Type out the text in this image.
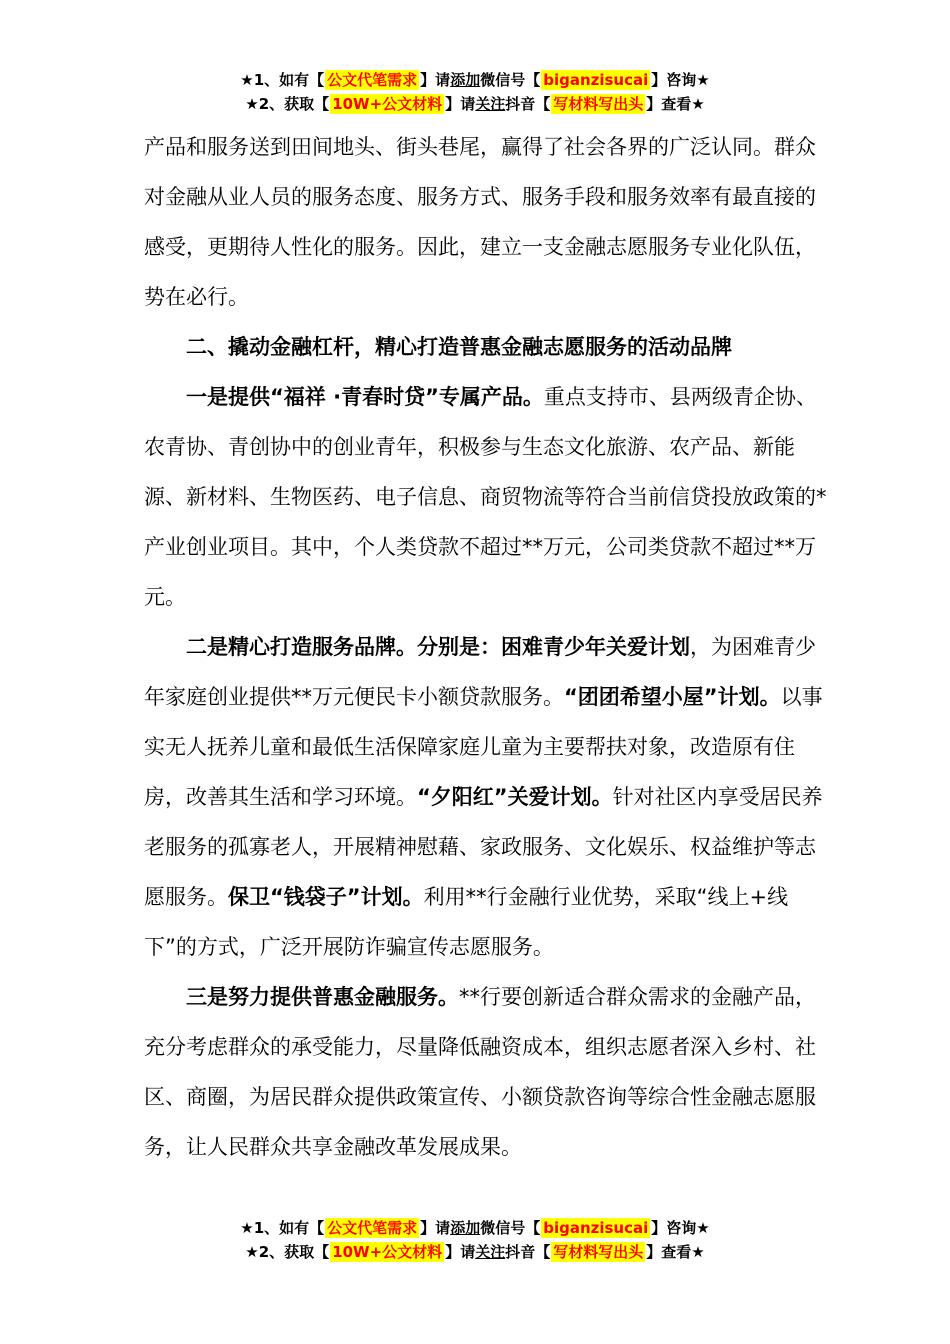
★1、如有【 公文代笔需求 】请添加微信号【 biganzisucai 】咨询★
★2、获取【 10W+公文材料 】请关注抖音【 写材料写出头 】查看★

产品和服务送到田间地头、街头巷尾，赢得了社会各界的广泛认同。群众对金融从业人员的服务态度、服务方式、服务手段和服务效率有最直接的感受，更期待人性化的服务。因此，建立一支金融志愿服务专业化队伍，势在必行。

二、撬动金融杠杆，精心打造普惠金融志愿服务的活动品牌

一是提供“福祥 ·青春时贷”专属产品。重点支持市、县两级青企协、农青协、青创协中的创业青年，积极参与生态文化旅游、农产品、新能源、新材料、生物医药、电子信息、商贸物流等符合当前信贷投放政策的*产业创业项目。其中，个人类贷款不超过**万元，公司类贷款不超过**万元。

二是精心打造服务品牌。分别是：困难青少年关爱计划，为困难青少年家庭创业提供**万元便民卡小额贷款服务。“团团希望小屋”计划。以事实无人抚养儿童和最低生活保障家庭儿童为主要帮扶对象，改造原有住房，改善其生活和学习环境。“夕阳红”关爱计划。针对社区内享受居民养老服务的孤寡老人，开展精神慰藉、家政服务、文化娱乐、权益维护等志愿服务。保卫“钱袋子”计划。利用**行金融行业优势，采取“线上+线下”的方式，广泛开展防诈骗宣传志愿服务。

三是努力提供普惠金融服务。**行要创新适合群众需求的金融产品，充分考虑群众的承受能力，尽量降低融资成本，组织志愿者深入乡村、社区、商圈，为居民群众提供政策宣传、小额贷款咨询等综合性金融志愿服务，让人民群众共享金融改革发展成果。

★1、如有【 公文代笔需求 】请添加微信号【 biganzisucai 】咨询★
★2、获取【 10W+公文材料 】请关注抖音【 写材料写出头 】查看★
